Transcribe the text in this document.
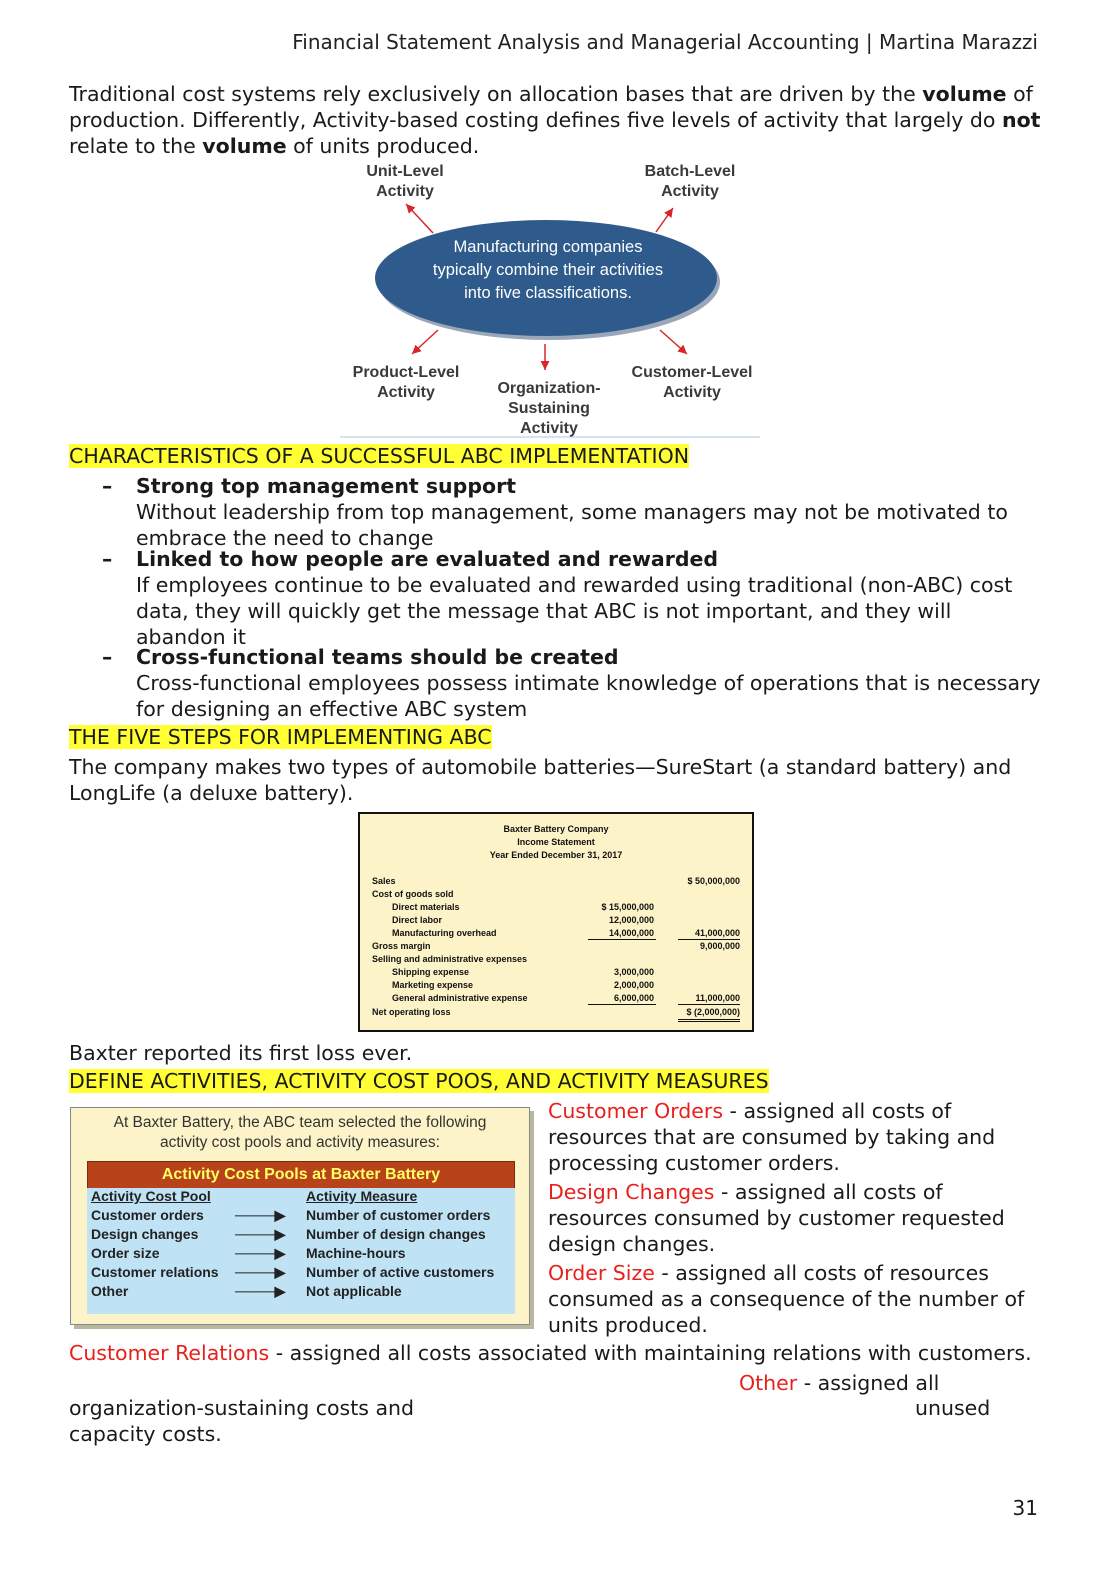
Financial Statement Analysis and Managerial Accounting | Martina Marazzi
Traditional cost systems rely exclusively on allocation bases that are driven by the volume of production. Differently, Activity-based costing defines five levels of activity that largely do not relate to the volume of units produced.
Manufacturing companies typically combine their activities into five classifications.
Unit-Level
Activity
Batch-Level
Activity
Product-Level
Activity	Organization-
Sustaining
Activity
Customer-Level
Activity
CHARACTERISTICS OF A SUCCESSFUL ABC IMPLEMENTATION
– Strong top management support
Without leadership from top management, some managers may not be motivated to embrace the need to change
– Linked to how people are evaluated and rewarded
If employees continue to be evaluated and rewarded using traditional (non-ABC) cost data, they will quickly get the message that ABC is not important, and they will abandon it
– Cross-functional teams should be created
Cross-functional employees possess intimate knowledge of operations that is necessary for designing an effective ABC system
THE FIVE STEPS FOR IMPLEMENTING ABC
The company makes two types of automobile batteries—SureStart (a standard battery) and LongLife (a deluxe battery).
Baxter Battery Company
Income Statement
Year Ended December 31, 2017
Sales	$ 50,000,000
Cost of goods sold
Direct materials	$ 15,000,000
Direct labor	12,000,000
Manufacturing overhead	14,000,000	41,000,000
Gross margin	9,000,000
Selling and administrative expenses
Shipping expense	3,000,000
Marketing expense	2,000,000
General administrative expense	6,000,000	11,000,000
Net operating loss	$ (2,000,000)
Baxter reported its first loss ever.
DEFINE ACTIVITIES, ACTIVITY COST POOS, AND ACTIVITY MEASURES
At Baxter Battery, the ABC team selected the following
activity cost pools and activity measures:
Activity Cost Pools at Baxter Battery
Activity Cost Pool	Activity Measure
Customer orders ────▶ Number of customer orders
Design changes	────▶ Number of design changes
Order size	────▶ Machine-hours
Customer relations ────▶ Number of active customers
Other	────▶ Not applicable
Customer Orders - assigned all costs of
resources that are consumed by taking and
processing customer orders.
Design Changes - assigned all costs of
resources consumed by customer requested
design changes.
Order Size - assigned all costs of resources
consumed as a consequence of the number of
units produced.
Customer Relations - assigned all costs associated with maintaining relations with customers.
Other - assigned all
organization-sustaining costs and	unused
capacity costs.
31
